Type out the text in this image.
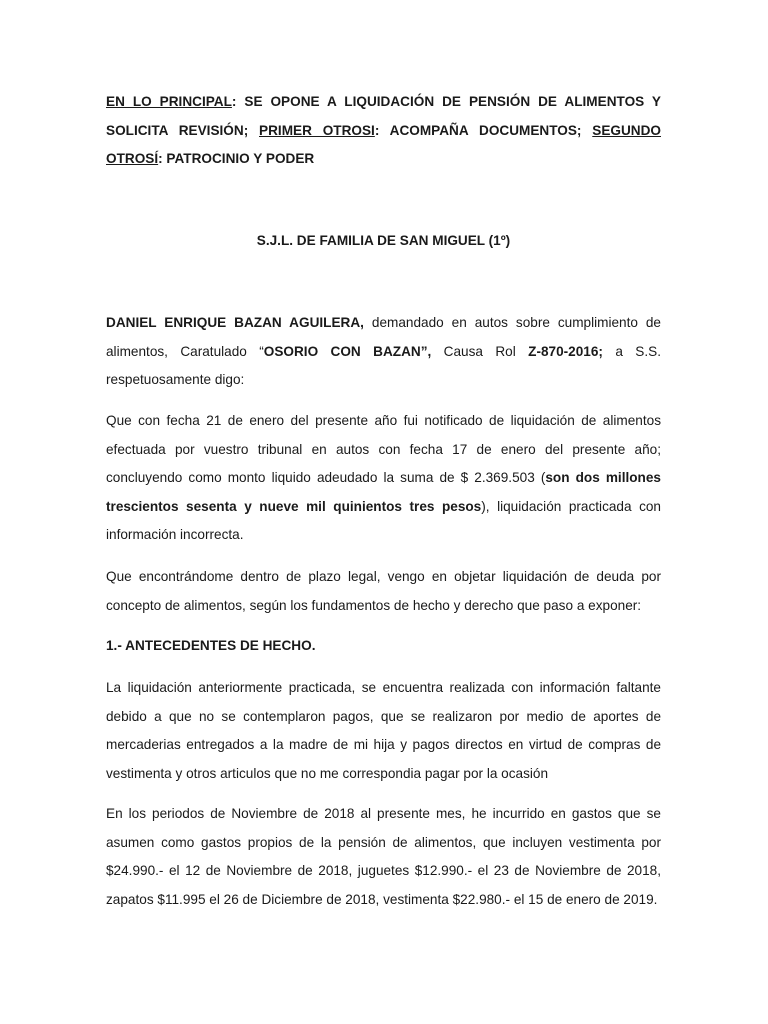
EN LO PRINCIPAL: SE OPONE A LIQUIDACIÓN DE PENSIÓN DE ALIMENTOS Y SOLICITA REVISIÓN; PRIMER OTROSI: ACOMPAÑA DOCUMENTOS; SEGUNDO OTROSÍ: PATROCINIO Y PODER

S.J.L. DE FAMILIA DE SAN MIGUEL (1º)

DANIEL ENRIQUE BAZAN AGUILERA, demandado en autos sobre cumplimiento de alimentos, Caratulado “OSORIO CON BAZAN”, Causa Rol Z-870-2016; a S.S. respetuosamente digo:

Que con fecha 21 de enero del presente año fui notificado de liquidación de alimentos efectuada por vuestro tribunal en autos con fecha 17 de enero del presente año; concluyendo como monto liquido adeudado la suma de $ 2.369.503 (son dos millones trescientos sesenta y nueve mil quinientos tres pesos), liquidación practicada con información incorrecta.

Que encontrándome dentro de plazo legal, vengo en objetar liquidación de deuda por concepto de alimentos, según los fundamentos de hecho y derecho que paso a exponer:

1.- ANTECEDENTES DE HECHO.

La liquidación anteriormente practicada, se encuentra realizada con información faltante debido a que no se contemplaron pagos, que se realizaron por medio de aportes de mercaderias entregados a la madre de mi hija y pagos directos en virtud de compras de vestimenta y otros articulos que no me correspondia pagar por la ocasión

En los periodos de Noviembre de 2018 al presente mes, he incurrido en gastos que se asumen como gastos propios de la pensión de alimentos, que incluyen vestimenta por $24.990.- el 12 de Noviembre de 2018, juguetes $12.990.- el 23 de Noviembre de 2018, zapatos $11.995 el 26 de Diciembre de 2018, vestimenta $22.980.- el 15 de enero de 2019.
